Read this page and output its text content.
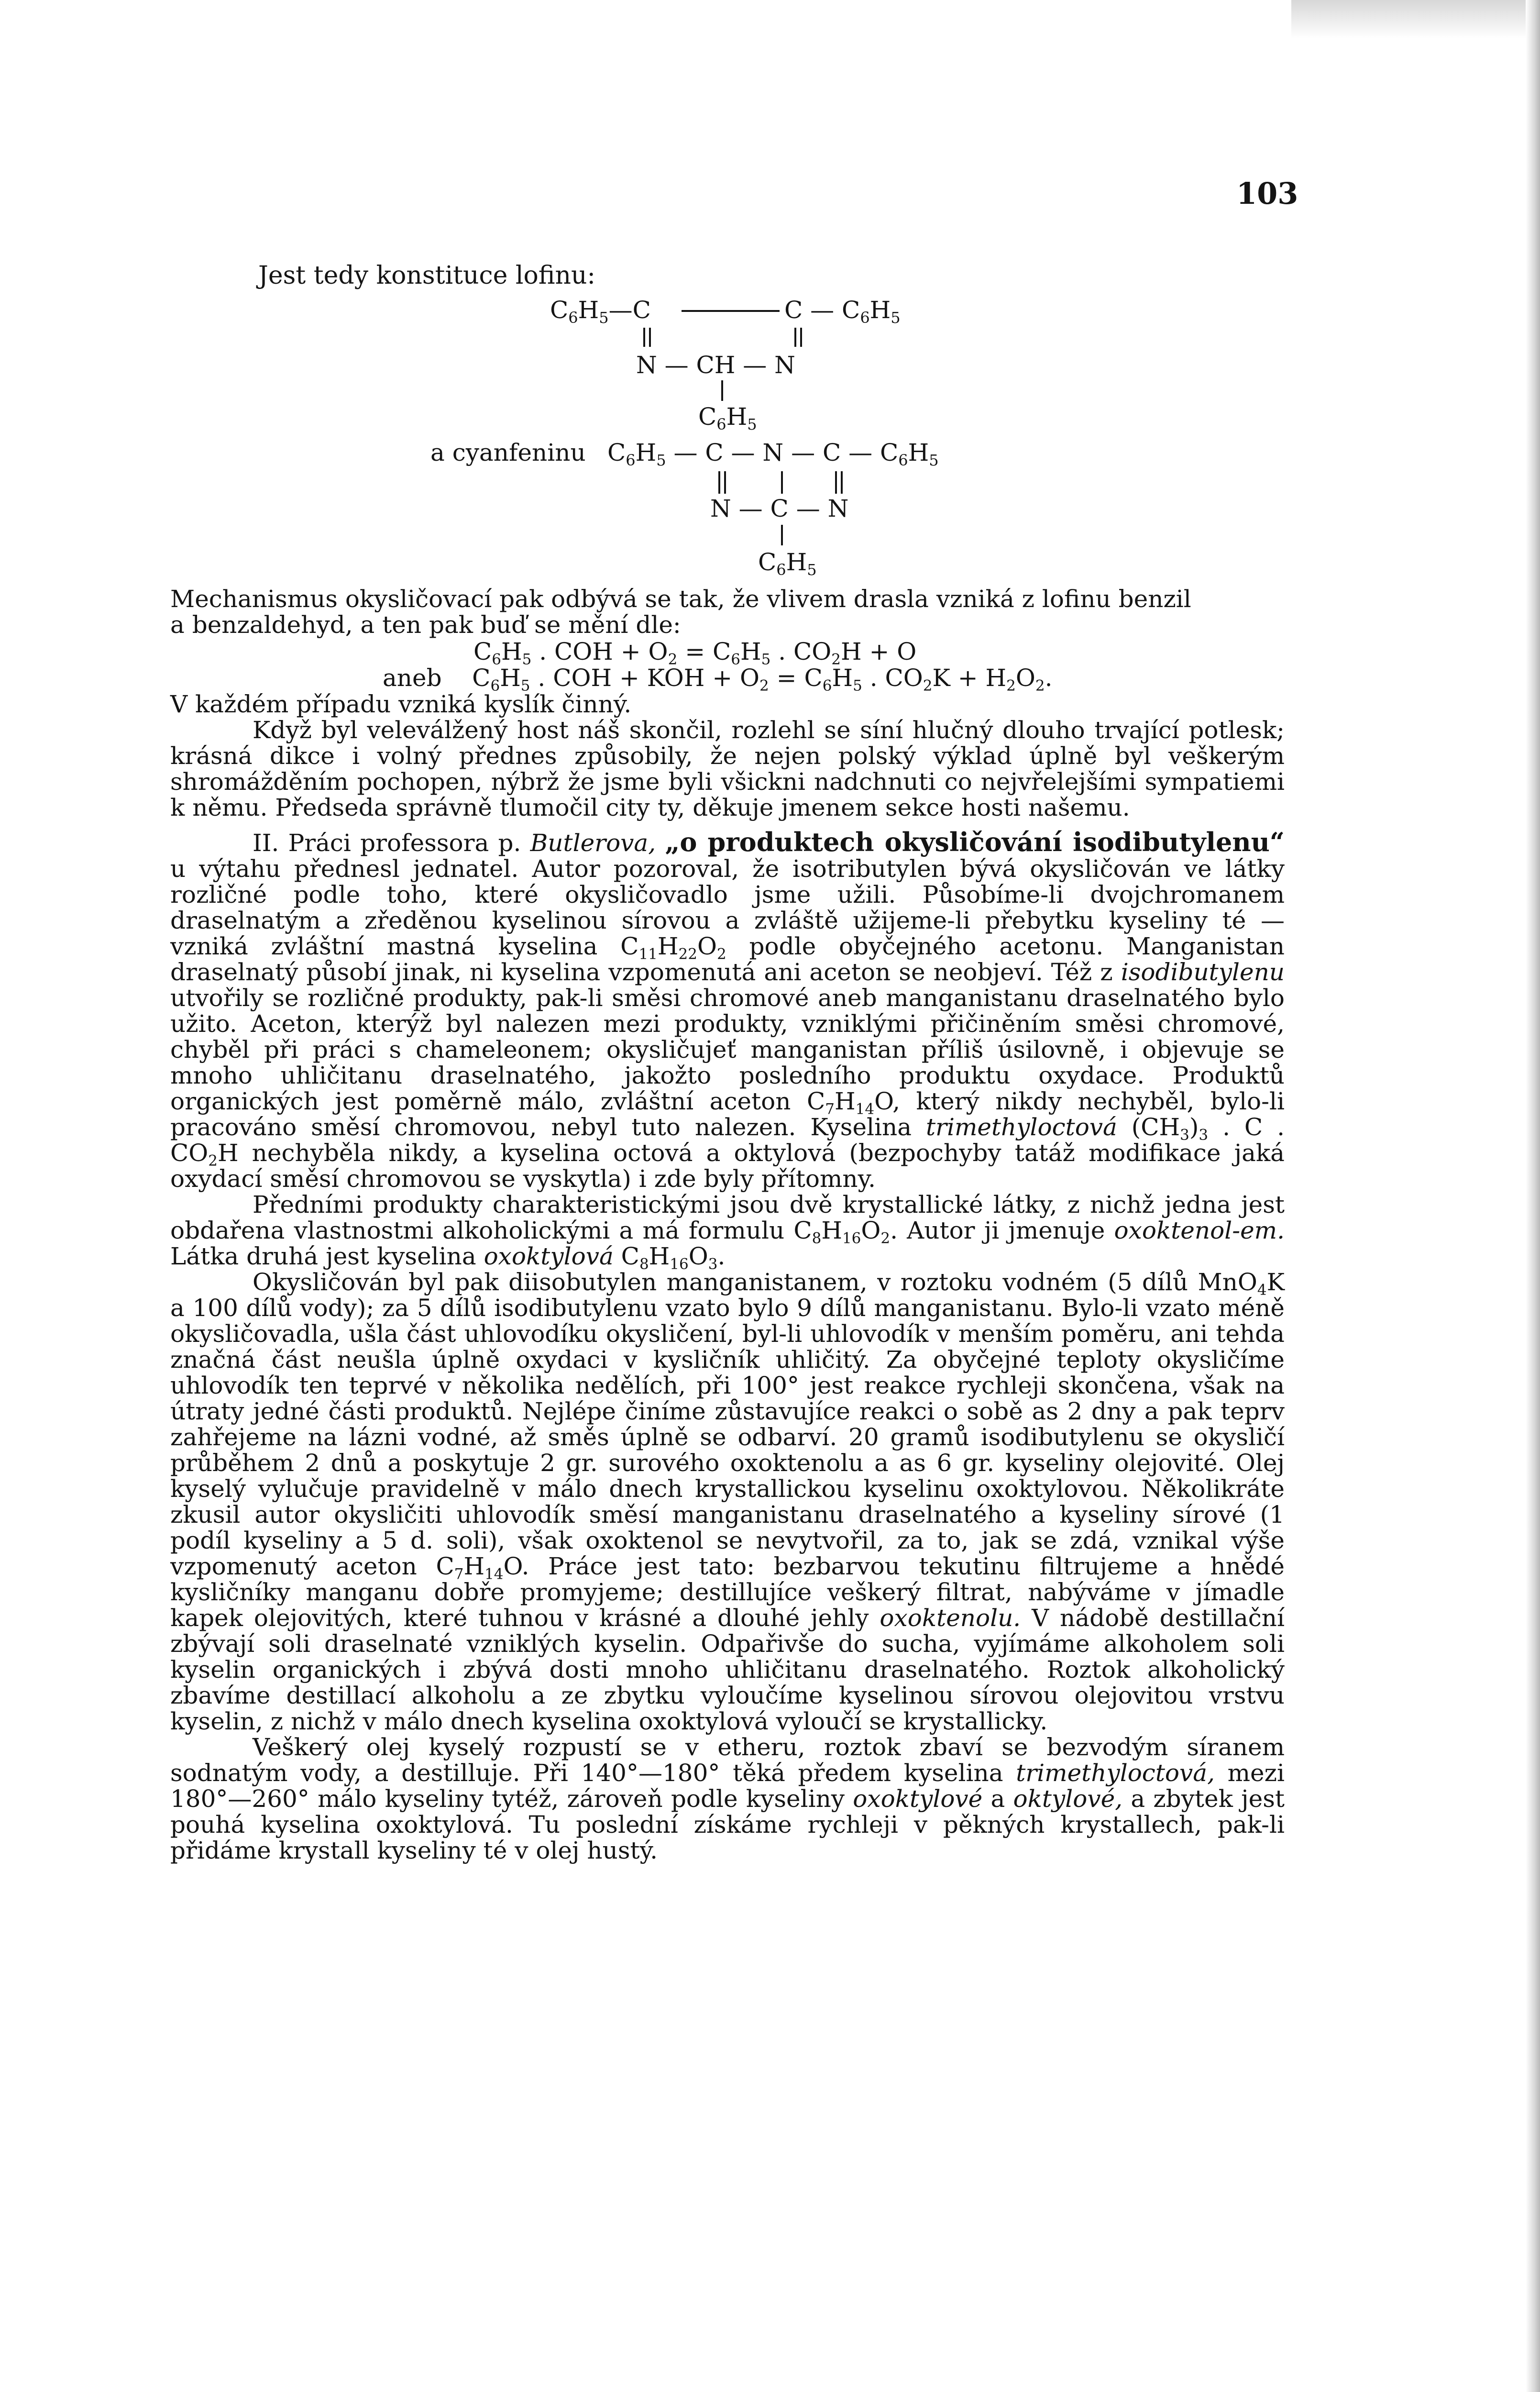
103
Jest tedy konstituce lofinu:
$C_6H_5—C$	C — $C_6H_5$
N — CH — N
$C_6H_5$
a cyanfeninu $C_6H_5$ — C — N — C — $C_6H_5$
N — C — N
$C_6H_5$

Mechanismus okysličovací pak odbývá se tak, že vlivem drasla vzniká z lofinu benzil

a benzaldehyd, a ten pak buď se mění dle:

$C_6H_5$ . COH + $O_2 = C_6H_5$ . $CO_2H + O$
aneb    $C_6H_5$ . COH + KOH + $O_2 = C_6H_5$ . $CO_2K + H_2O_2$.

V každém případu vzniká kyslík činný.

Když byl veleválžený host náš skončil, rozlehl se síní hlučný dlouho trvající potlesk; krásná dikce i volný přednes způsobily, že nejen polský výklad úplně byl veškerým shromážděním pochopen, nýbrž že jsme byli všickni nadchnuti co nejvřelejšími sympatiemi k němu. Předseda správně tlumočil city ty, děkuje jmenem sekce hosti našemu.

II. Práci professora p. Butlerova, „o produktech okysličování isodibutylenu“ u výtahu přednesl jednatel. Autor pozoroval, že isotributylen bývá okysličován ve látky rozličné podle toho, které okysličovadlo jsme užili. Působíme-li dvojchromanem draselnatým a zředěnou kyselinou sírovou a zvláště užijeme-li přebytku kyseliny té — vzniká zvláštní mastná kyselina $C_{11}H_{22}O_2$ podle obyčejného acetonu. Manganistan draselnatý působí jinak, ni kyselina vzpomenutá ani aceton se neobjeví. Též z isodibutylenu utvořily se rozličné produkty, pak-li směsi chromové aneb manganistanu draselnatého bylo užito. Aceton, kterýž byl nalezen mezi produkty, vzniklými přičiněním směsi chromové, chyběl při práci s chameleonem; okysličujeť manganistan příliš úsilovně, i objevuje se mnoho uhličitanu draselnatého, jakožto posledního produktu oxydace. Produktů organických jest poměrně málo, zvláštní aceton $C_7H_{14}O$, který nikdy nechyběl, bylo-li pracováno směsí chromovou, nebyl tuto nalezen. Kyselina trimethyloctová $(CH_3)_3$ . C . $CO_2H$ nechyběla nikdy, a kyselina octová a oktylová (bezpochyby tatáž modifikace jaká oxydací směsí chromovou se vyskytla) i zde byly přítomny.

Předními produkty charakteristickými jsou dvě krystallické látky, z nichž jedna jest obdařena vlastnostmi alkoholickými a má formulu $C_8H_{16}O_2$. Autor ji jmenuje oxoktenol-em. Látka druhá jest kyselina oxoktylová $C_8H_{16}O_3$.

Okysličován byl pak diisobutylen manganistanem, v roztoku vodném (5 dílů MnO$_4$K a 100 dílů vody); za 5 dílů isodibutylenu vzato bylo 9 dílů manganistanu. Bylo-li vzato méně okysličovadla, ušla část uhlovodíku okysličení, byl-li uhlovodík v menším poměru, ani tehda značná část neušla úplně oxydaci v kysličník uhličitý. Za obyčejné teploty okysličíme uhlovodík ten teprvé v několika nedělích, při 100° jest reakce rychleji skončena, však na útraty jedné části produktů. Nejlépe činíme zůstavujíce reakci o sobě as 2 dny a pak teprv zahřejeme na lázni vodné, až směs úplně se odbarví. 20 gramů isodibutylenu se okysličí průběhem 2 dnů a poskytuje 2 gr. surového oxoktenolu a as 6 gr. kyseliny olejovité. Olej kyselý vylučuje pravidelně v málo dnech krystallickou kyselinu oxoktylovou. Několikráte zkusil autor okysličiti uhlovodík směsí manganistanu draselnatého a kyseliny sírové (1 podíl kyseliny a 5 d. soli), však oxoktenol se nevytvořil, za to, jak se zdá, vznikal výše vzpomenutý aceton $C_7H_{14}O$. Práce jest tato: bezbarvou tekutinu filtrujeme a hnědé kysličníky manganu dobře promyjeme; destillujíce veškerý filtrat, nabýváme v jímadle kapek olejovitých, které tuhnou v krásné a dlouhé jehly oxoktenolu. V nádobě destillační zbývají soli draselnaté vzniklých kyselin. Odpařivše do sucha, vyjímáme alkoholem soli kyselin organických i zbývá dosti mnoho uhličitanu draselnatého. Roztok alkoholický zbavíme destillací alkoholu a ze zbytku vyloučíme kyselinou sírovou olejovitou vrstvu kyselin, z nichž v málo dnech kyselina oxoktylová vyloučí se krystallicky.

Veškerý olej kyselý rozpustí se v etheru, roztok zbaví se bezvodým síranem sodnatým vody, a destilluje. Při 140°—180° těká předem kyselina trimethyloctová, mezi 180°—260° málo kyseliny tytéž, zároveň podle kyseliny oxoktylové a oktylové, a zbytek jest pouhá kyselina oxoktylová. Tu poslední získáme rychleji v pěkných krystallech, pak-li přidáme krystall kyseliny té v olej hustý.
